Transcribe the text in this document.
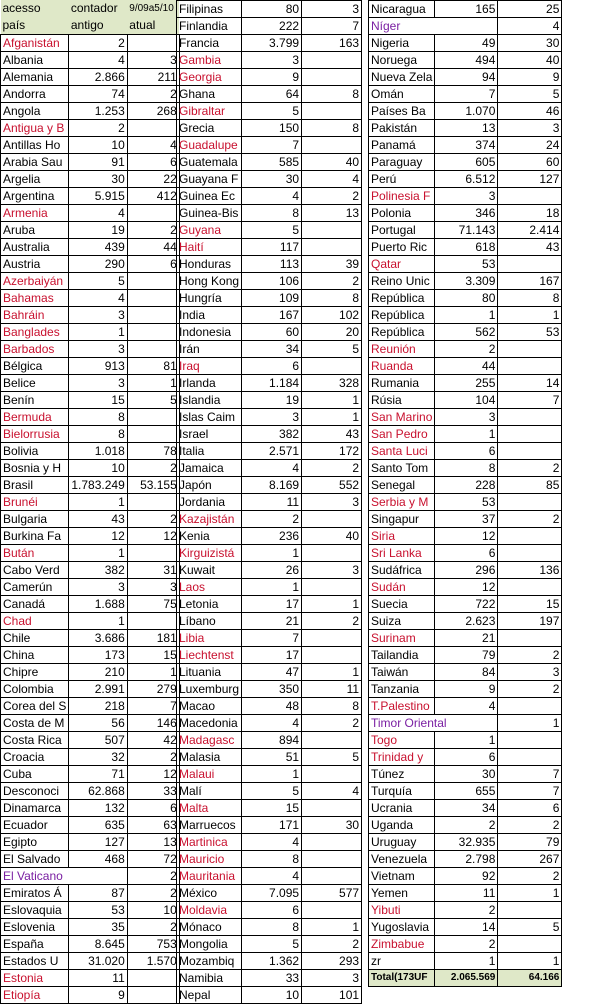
acesso	contador	9/09a5/10
país	antigo	atual
Afganistán	2	
Albania	4	3
Alemania	2.866	211
Andorra	74	2
Angola	1.253	268
Antigua y B	2	
Antillas Ho	10	4
Arabia Sau	91	6
Argelia	30	22
Argentina	5.915	412
Armenia	4	
Aruba	19	2
Australia	439	44
Austria	290	6
Azerbaiyán	5	
Bahamas	4	
Bahráin	3	
Banglades	1	
Barbados	3	
Bélgica	913	81
Belice	3	1
Benín	15	5
Bermuda	8	
Bielorrusia	8	
Bolivia	1.018	78
Bosnia y H	10	2
Brasil	1.783.249	53.155
Brunéi	1	
Bulgaria	43	2
Burkina Fa	12	12
Bután	1	
Cabo Verd	382	31
Camerún	3	3
Canadá	1.688	75
Chad	1	
Chile	3.686	181
China	173	15
Chipre	210	1
Colombia	2.991	279
Corea del S	218	7
Costa de M	56	146
Costa Rica	507	42
Croacia	32	2
Cuba	71	12
Desconoci	62.868	33
Dinamarca	132	6
Ecuador	635	63
Egipto	127	13
El Salvado	468	72
El Vaticano		2
Emiratos Á	87	2
Eslovaquia	53	10
Eslovenia	35	2
España	8.645	753
Estados U	31.020	1.570
Estonia	11	
Etiopía	9	
Filipinas	80	3
Finlandia	222	7
Francia	3.799	163
Gambia	3	
Georgia	9	
Ghana	64	8
Gibraltar	5	
Grecia	150	8
Guadalupe	7	
Guatemala	585	40
Guayana F	30	4
Guinea Ec	4	2
Guinea-Bis	8	13
Guyana	5	
Haití	117	
Honduras	113	39
Hong Kong	106	2
Hungría	109	8
India	167	102
Indonesia	60	20
Irán	34	5
Iraq	6	
Irlanda	1.184	328
Islandia	19	1
Islas Caim	3	1
Israel	382	43
Italia	2.571	172
Jamaica	4	2
Japón	8.169	552
Jordania	11	3
Kazajistán	2	
Kenia	236	40
Kirguizistá	1	
Kuwait	26	3
Laos	1	
Letonia	17	1
Líbano	21	2
Libia	7	
Liechtenst	17	
Lituania	47	1
Luxemburg	350	11
Macao	48	8
Macedonia	4	2
Madagasc	894	
Malasia	51	5
Malaui	1	
Malí	5	4
Malta	15	
Marruecos	171	30
Martinica	4	
Mauricio	8	
Mauritania	4	
México	7.095	577
Moldavia	6	
Mónaco	8	1
Mongolia	5	2
Mozambiq	1.362	293
Namibia	33	3
Nepal	10	101
Nicaragua	165	25
Níger		4
Nigeria	49	30
Noruega	494	40
Nueva Zela	94	9
Omán	7	5
Países Ba	1.070	46
Pakistán	13	3
Panamá	374	24
Paraguay	605	60
Perú	6.512	127
Polinesia F	3	
Polonia	346	18
Portugal	71.143	2.414
Puerto Ric	618	43
Qatar	53	
Reino Unic	3.309	167
República	80	8
República	1	1
República	562	53
Reunión	2	
Ruanda	44	
Rumania	255	14
Rúsia	104	7
San Marino	3	
San Pedro	1	
Santa Luci	6	
Santo Tom	8	2
Senegal	228	85
Serbia y M	53	
Singapur	37	2
Siria	12	
Sri Lanka	6	
Sudáfrica	296	136
Sudán	12	
Suecia	722	15
Suiza	2.623	197
Surinam	21	
Tailandia	79	2
Taiwán	84	3
Tanzania	9	2
T.Palestino	4	
Timor Oriental		1
Togo	1	
Trinidad y	6	
Túnez	30	7
Turquía	655	7
Ucrania	34	6
Uganda	2	2
Uruguay	32.935	79
Venezuela	2.798	267
Vietnam	92	2
Yemen	11	1
Yibuti	2	
Yugoslavia	14	5
Zimbabue	2	
zr	1	1
Total(173UF	2.065.569	64.166
